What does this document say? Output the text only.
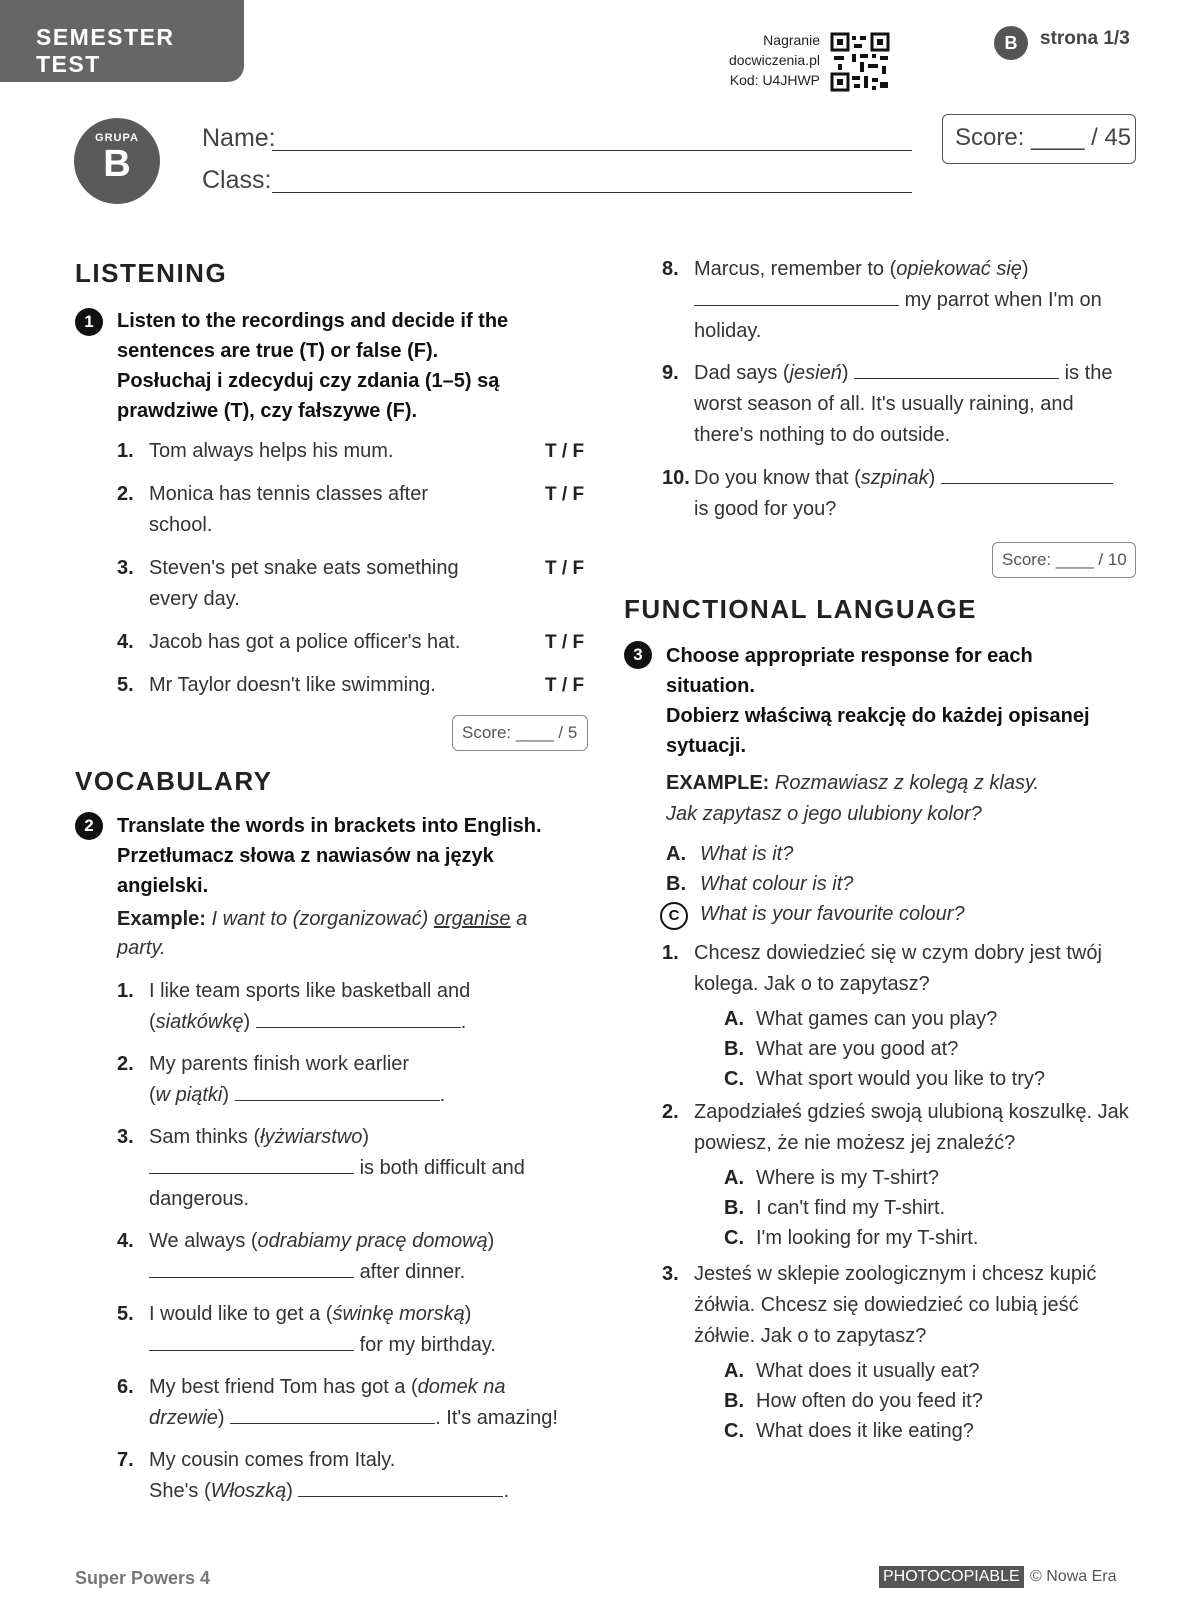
SEMESTER TEST
Nagranie
docwiczenia.pl
Kod: U4JHWP
B	strona 1/3
GRUPA
B
Name:
Class:
Score: ____ / 45
LISTENING
1	Listen to the recordings and decide if the sentences are true (T) or false (F).
Posłuchaj i zdecyduj czy zdania (1–5) są prawdziwe (T), czy fałszywe (F).
1. Tom always helps his mum.	T / F
2. Monica has tennis classes after school.
T / F
3. Steven's pet snake eats something every day.
T / F
4. Jacob has got a police officer's hat.	T / F
5. Mr Taylor doesn't like swimming.	T / F
Score: ____ / 5
VOCABULARY
2	Translate the words in brackets into English.
Przetłumacz słowa z nawiasów na język angielski.
Example: I want to (zorganizować) organise a party.
1. I like team sports like basketball and
(siatkówkę)	.
2. My parents finish work earlier
(w piątki)	.
3. Sam thinks (łyżwiarstwo)
is both difficult and dangerous.
4. We always (odrabiamy pracę domową)
after dinner.
5. I would like to get a (świnkę morską)
for my birthday.
6. My best friend Tom has got a (domek na drzewie)	. It's amazing!
7. My cousin comes from Italy.
She's (Włoszką)	.
8. Marcus, remember to (opiekować się)
my parrot when I'm on holiday.
9. Dad says (jesień)	is the worst season of all. It's usually raining, and there's nothing to do outside.
10. Do you know that (szpinak)
is good for you?
Score: ____ / 10
FUNCTIONAL LANGUAGE
3	Choose appropriate response for each situation.
Dobierz właściwą reakcję do każdej opisanej sytuacji.
EXAMPLE: Rozmawiasz z kolegą z klasy.
Jak zapytasz o jego ulubiony kolor?
A. What is it?
B. What colour is it?
C What is your favourite colour?
1. Chcesz dowiedzieć się w czym dobry jest twój kolega. Jak o to zapytasz?
A. What games can you play?
B. What are you good at?
C. What sport would you like to try?
2. Zapodziałeś gdzieś swoją ulubioną koszulkę. Jak powiesz, że nie możesz jej znaleźć?
A. Where is my T-shirt?
B. I can't find my T-shirt.
C. I'm looking for my T-shirt.
3. Jesteś w sklepie zoologicznym i chcesz kupić żółwia. Chcesz się dowiedzieć co lubią jeść żółwie. Jak o to zapytasz?
A. What does it usually eat?
B. How often do you feed it?
C. What does it like eating?
Super Powers 4	PHOTOCOPIABLE © Nowa Era
